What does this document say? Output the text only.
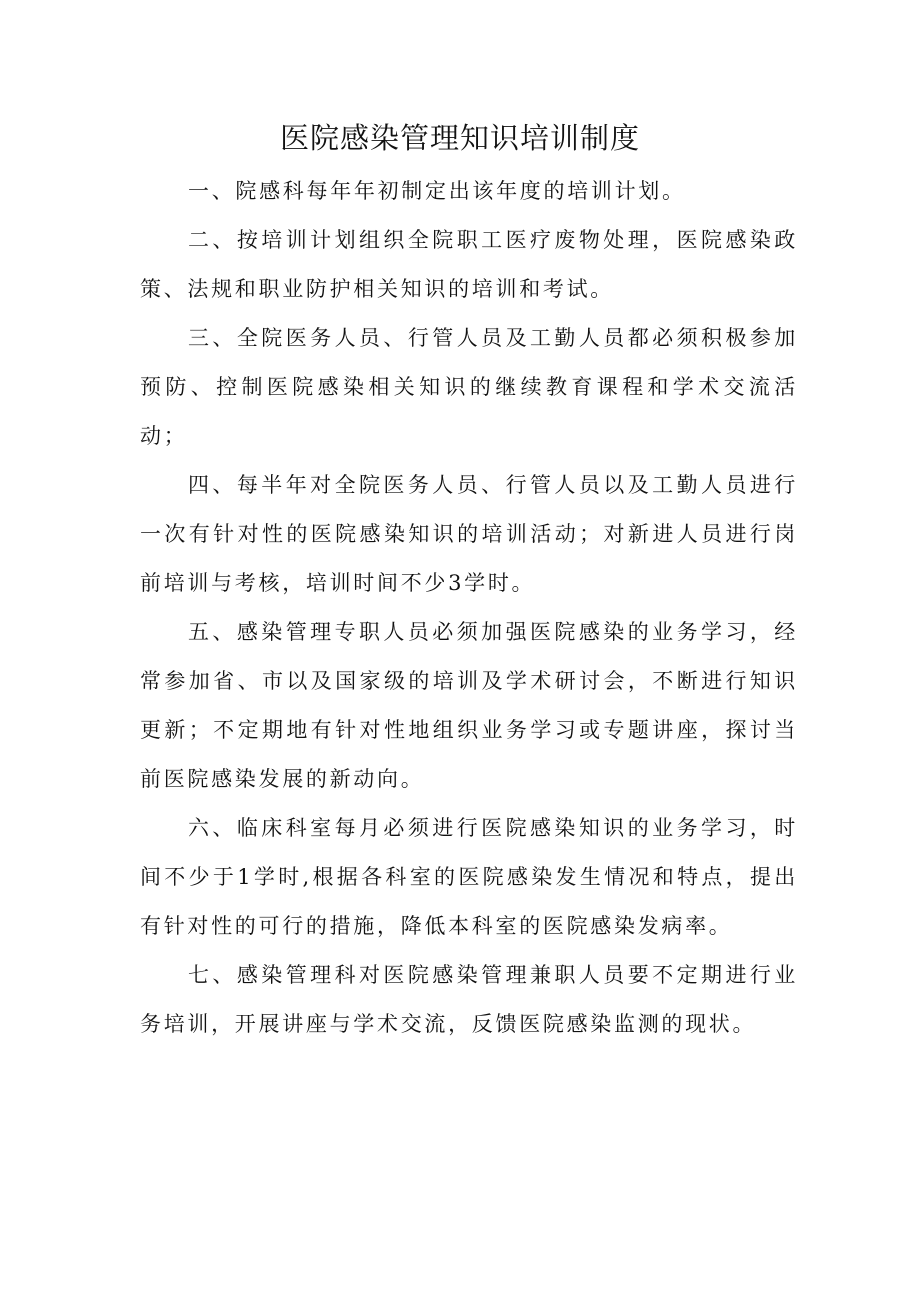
医院感染管理知识培训制度

一、院感科每年年初制定出该年度的培训计划。

二、按培训计划组织全院职工医疗废物处理，医院感染政策、法规和职业防护相关知识的培训和考试。

三、全院医务人员、行管人员及工勤人员都必须积极参加预防、控制医院感染相关知识的继续教育课程和学术交流活动；

四、每半年对全院医务人员、行管人员以及工勤人员进行一次有针对性的医院感染知识的培训活动；对新进人员进行岗前培训与考核，培训时间不少3学时。

五、感染管理专职人员必须加强医院感染的业务学习，经常参加省、市以及国家级的培训及学术研讨会，不断进行知识更新；不定期地有针对性地组织业务学习或专题讲座，探讨当前医院感染发展的新动向。

六、临床科室每月必须进行医院感染知识的业务学习，时间不少于1学时,根据各科室的医院感染发生情况和特点，提出有针对性的可行的措施，降低本科室的医院感染发病率。

七、感染管理科对医院感染管理兼职人员要不定期进行业务培训，开展讲座与学术交流，反馈医院感染监测的现状。
